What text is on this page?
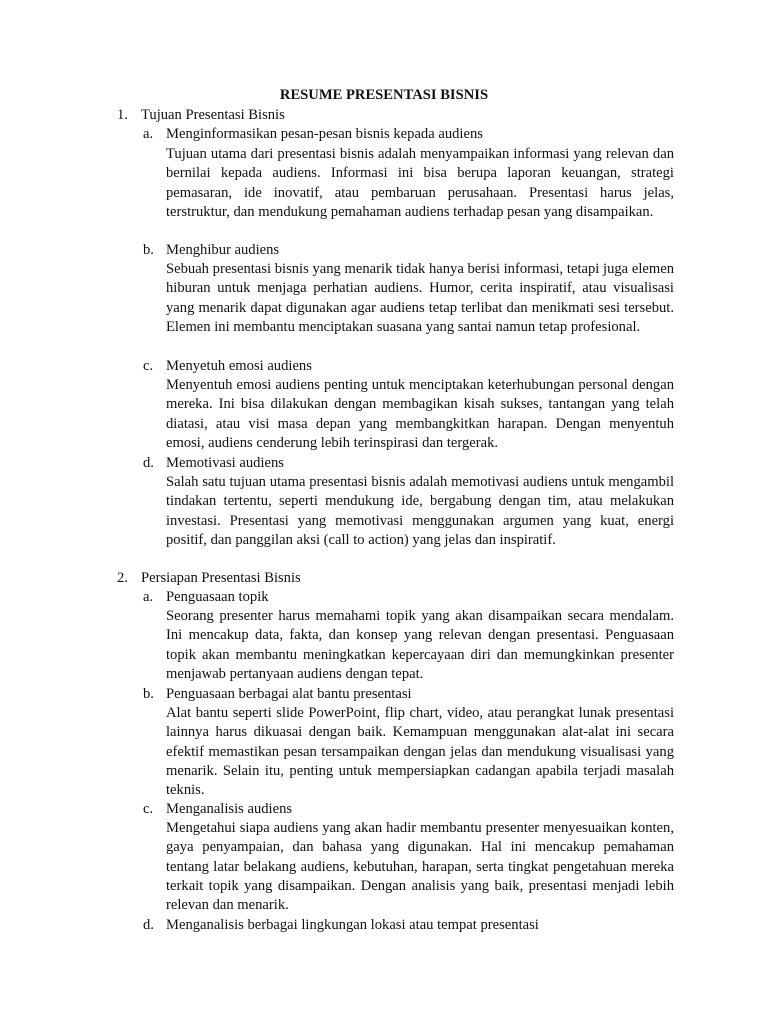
RESUME PRESENTASI BISNIS
1. Tujuan Presentasi Bisnis
a. Menginformasikan pesan-pesan bisnis kepada audiens

Tujuan utama dari presentasi bisnis adalah menyampaikan informasi yang relevan dan bernilai kepada audiens. Informasi ini bisa berupa laporan keuangan, strategi pemasaran, ide inovatif, atau pembaruan perusahaan. Presentasi harus jelas, terstruktur, dan mendukung pemahaman audiens terhadap pesan yang disampaikan.

b. Menghibur audiens

Sebuah presentasi bisnis yang menarik tidak hanya berisi informasi, tetapi juga elemen hiburan untuk menjaga perhatian audiens. Humor, cerita inspiratif, atau visualisasi yang menarik dapat digunakan agar audiens tetap terlibat dan menikmati sesi tersebut. Elemen ini membantu menciptakan suasana yang santai namun tetap profesional.

c. Menyetuh emosi audiens

Menyentuh emosi audiens penting untuk menciptakan keterhubungan personal dengan mereka. Ini bisa dilakukan dengan membagikan kisah sukses, tantangan yang telah diatasi, atau visi masa depan yang membangkitkan harapan. Dengan menyentuh emosi, audiens cenderung lebih terinspirasi dan tergerak.

d. Memotivasi audiens

Salah satu tujuan utama presentasi bisnis adalah memotivasi audiens untuk mengambil tindakan tertentu, seperti mendukung ide, bergabung dengan tim, atau melakukan investasi. Presentasi yang memotivasi menggunakan argumen yang kuat, energi positif, dan panggilan aksi (call to action) yang jelas dan inspiratif.

2. Persiapan Presentasi Bisnis
a. Penguasaan topik

Seorang presenter harus memahami topik yang akan disampaikan secara mendalam. Ini mencakup data, fakta, dan konsep yang relevan dengan presentasi. Penguasaan topik akan membantu meningkatkan kepercayaan diri dan memungkinkan presenter menjawab pertanyaan audiens dengan tepat.

b. Penguasaan berbagai alat bantu presentasi

Alat bantu seperti slide PowerPoint, flip chart, video, atau perangkat lunak presentasi lainnya harus dikuasai dengan baik. Kemampuan menggunakan alat-alat ini secara efektif memastikan pesan tersampaikan dengan jelas dan mendukung visualisasi yang menarik. Selain itu, penting untuk mempersiapkan cadangan apabila terjadi masalah teknis.

c. Menganalisis audiens

Mengetahui siapa audiens yang akan hadir membantu presenter menyesuaikan konten, gaya penyampaian, dan bahasa yang digunakan. Hal ini mencakup pemahaman tentang latar belakang audiens, kebutuhan, harapan, serta tingkat pengetahuan mereka terkait topik yang disampaikan. Dengan analisis yang baik, presentasi menjadi lebih relevan dan menarik.

d. Menganalisis berbagai lingkungan lokasi atau tempat presentasi
